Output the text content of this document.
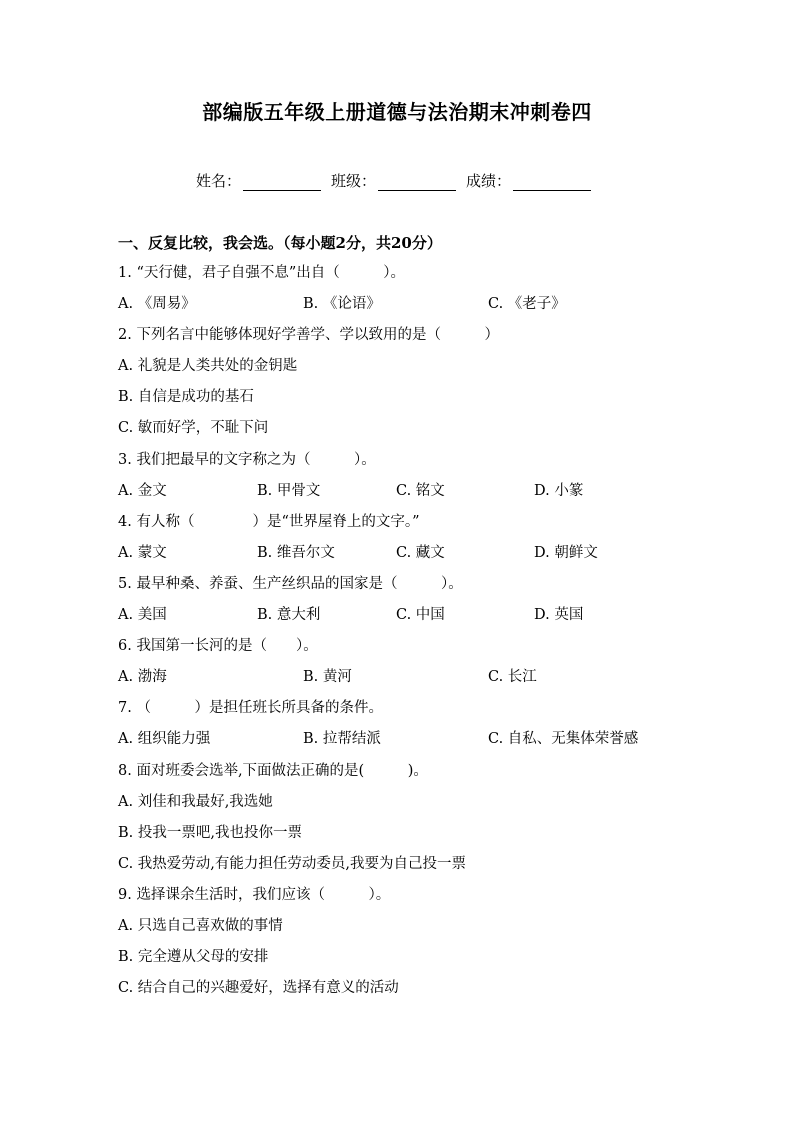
部编版五年级上册道德与法治期末冲刺卷四
姓名：	班级：	成绩：
一、反复比较，我会选。（每小题2分，共20分）
1. “天行健，君子自强不息”出自（　　　）。
A. 《周易》	B. 《论语》	C. 《老子》
2. 下列名言中能够体现好学善学、学以致用的是（　　　）
A. 礼貌是人类共处的金钥匙
B. 自信是成功的基石
C. 敏而好学，不耻下问
3. 我们把最早的文字称之为（　　　）。
A. 金文	B. 甲骨文	C. 铭文	D. 小篆
4. 有人称（　　　　）是“世界屋脊上的文字。”
A. 蒙文	B. 维吾尔文	C. 藏文	D. 朝鲜文
5. 最早种桑、养蚕、生产丝织品的国家是（　　　）。
A. 美国	B. 意大利	C. 中国	D. 英国
6. 我国第一长河的是（　　）。
A. 渤海	B. 黄河	C. 长江
7. （　　　）是担任班长所具备的条件。
A. 组织能力强	B. 拉帮结派	C. 自私、无集体荣誉感
8. 面对班委会选举,下面做法正确的是(　　　)。
A. 刘佳和我最好,我选她
B. 投我一票吧,我也投你一票
C. 我热爱劳动,有能力担任劳动委员,我要为自己投一票
9. 选择课余生活时，我们应该（　　　）。
A. 只选自己喜欢做的事情
B. 完全遵从父母的安排
C. 结合自己的兴趣爱好，选择有意义的活动
